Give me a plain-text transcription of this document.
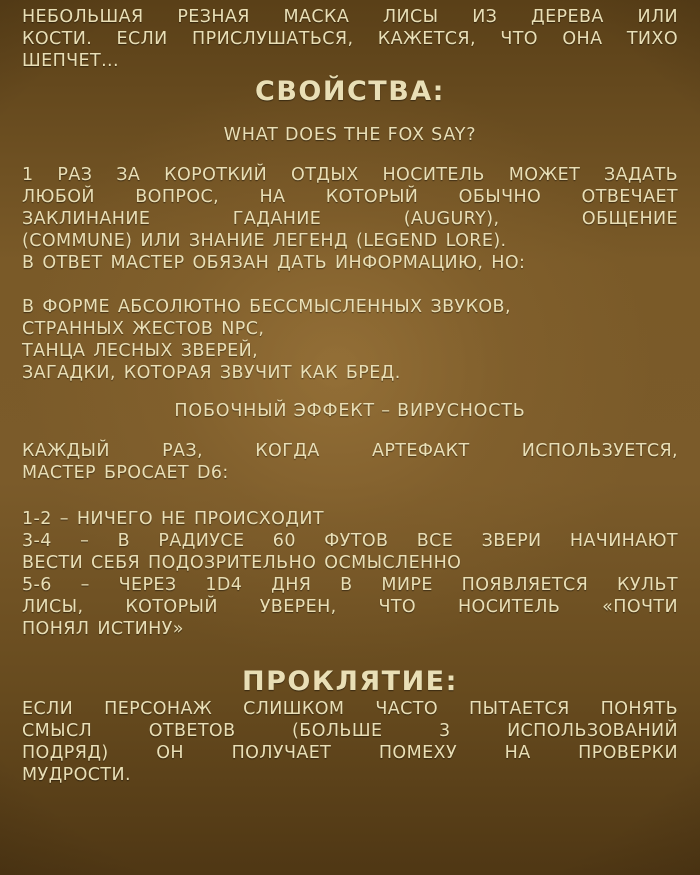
НЕБОЛЬШАЯ РЕЗНАЯ МАСКА ЛИСЫ ИЗ ДЕРЕВА ИЛИ
КОСТИ. ЕСЛИ ПРИСЛУШАТЬСЯ, КАЖЕТСЯ, ЧТО ОНА ТИХО
ШЕПЧЕТ...
СВОЙСТВА:
WHAT DOES THE FOX SAY?
1 РАЗ ЗА КОРОТКИЙ ОТДЫХ НОСИТЕЛЬ МОЖЕТ ЗАДАТЬ
ЛЮБОЙ ВОПРОС, НА КОТОРЫЙ ОБЫЧНО ОТВЕЧАЕТ
ЗАКЛИНАНИЕ ГАДАНИЕ (AUGURY), ОБЩЕНИЕ
(COMMUNE) ИЛИ ЗНАНИЕ ЛЕГЕНД (LEGEND LORE).
В ОТВЕТ МАСТЕР ОБЯЗАН ДАТЬ ИНФОРМАЦИЮ, НО:
В ФОРМЕ АБСОЛЮТНО БЕССМЫСЛЕННЫХ ЗВУКОВ,
СТРАННЫХ ЖЕСТОВ NPC,
ТАНЦА ЛЕСНЫХ ЗВЕРЕЙ,
ЗАГАДКИ, КОТОРАЯ ЗВУЧИТ КАК БРЕД.
ПОБОЧНЫЙ ЭФФЕКТ – ВИРУСНОСТЬ
КАЖДЫЙ РАЗ, КОГДА АРТЕФАКТ ИСПОЛЬЗУЕТСЯ,
МАСТЕР БРОСАЕТ D6:
1-2 – НИЧЕГО НЕ ПРОИСХОДИТ
3-4 – В РАДИУСЕ 60 ФУТОВ ВСЕ ЗВЕРИ НАЧИНАЮТ
ВЕСТИ СЕБЯ ПОДОЗРИТЕЛЬНО ОСМЫСЛЕННО
5-6 – ЧЕРЕЗ 1D4 ДНЯ В МИРЕ ПОЯВЛЯЕТСЯ КУЛЬТ
ЛИСЫ, КОТОРЫЙ УВЕРЕН, ЧТО НОСИТЕЛЬ «ПОЧТИ
ПОНЯЛ ИСТИНУ»
ПРОКЛЯТИЕ:
ЕСЛИ ПЕРСОНАЖ СЛИШКОМ ЧАСТО ПЫТАЕТСЯ ПОНЯТЬ
СМЫСЛ ОТВЕТОВ (БОЛЬШЕ 3 ИСПОЛЬЗОВАНИЙ
ПОДРЯД) ОН ПОЛУЧАЕТ ПОМЕХУ НА ПРОВЕРКИ
МУДРОСТИ.
